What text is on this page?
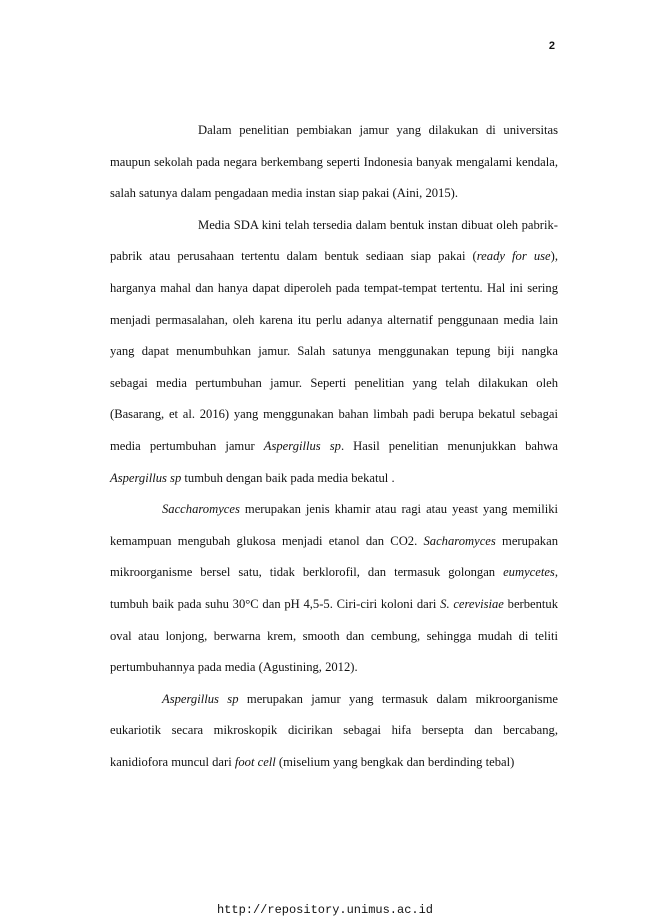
2

Dalam penelitian pembiakan jamur yang dilakukan di universitas maupun sekolah pada negara berkembang seperti Indonesia banyak mengalami kendala, salah satunya dalam pengadaan media instan siap pakai (Aini, 2015).

Media SDA kini telah tersedia dalam bentuk instan dibuat oleh pabrik-pabrik atau perusahaan tertentu dalam bentuk sediaan siap pakai (ready for use), harganya mahal dan hanya dapat diperoleh pada tempat-tempat tertentu. Hal ini sering menjadi permasalahan, oleh karena itu perlu adanya alternatif penggunaan media lain yang dapat menumbuhkan jamur. Salah satunya menggunakan tepung biji nangka sebagai media pertumbuhan jamur. Seperti penelitian yang telah dilakukan oleh (Basarang, et al. 2016) yang menggunakan bahan limbah padi berupa bekatul sebagai media pertumbuhan jamur Aspergillus sp. Hasil penelitian menunjukkan bahwa Aspergillus sp tumbuh dengan baik pada media bekatul .

Saccharomyces merupakan jenis khamir atau ragi atau yeast yang memiliki kemampuan mengubah glukosa menjadi etanol dan CO2. Sacharomyces merupakan mikroorganisme bersel satu, tidak berklorofil, dan termasuk golongan eumycetes, tumbuh baik pada suhu 30°C dan pH 4,5-5. Ciri-ciri koloni dari S. cerevisiae berbentuk oval atau lonjong, berwarna krem, smooth dan cembung, sehingga mudah di teliti pertumbuhannya pada media (Agustining, 2012).

Aspergillus sp merupakan jamur yang termasuk dalam mikroorganisme eukariotik secara mikroskopik dicirikan sebagai hifa bersepta dan bercabang, kanidiofora muncul dari foot cell (miselium yang bengkak dan berdinding tebal)

http://repository.unimus.ac.id
